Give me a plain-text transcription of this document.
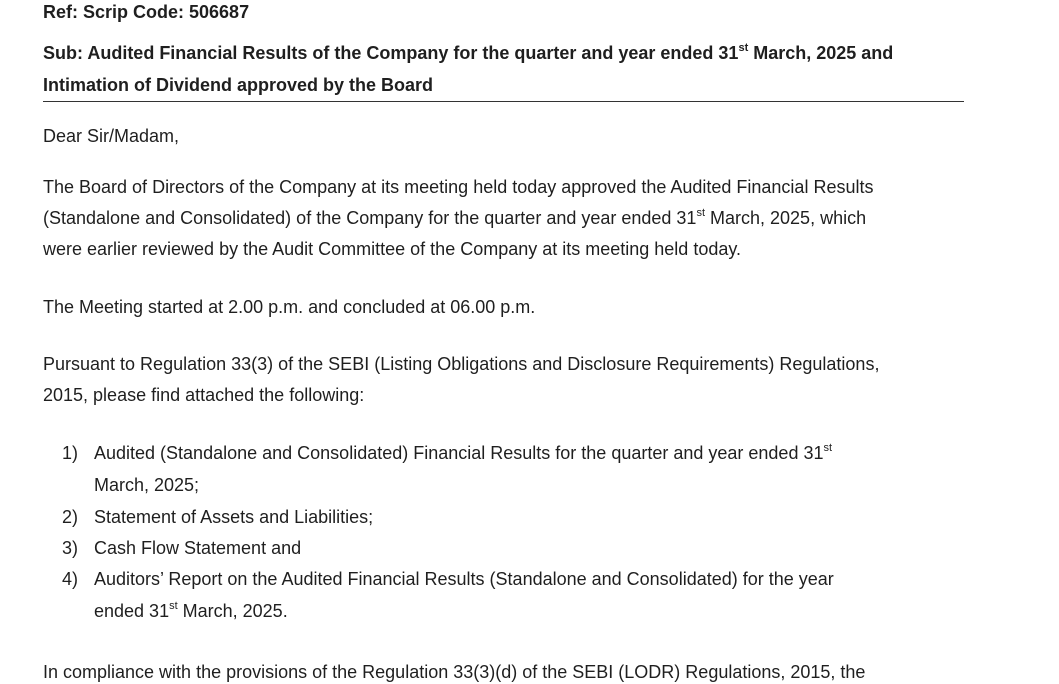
Ref: Scrip Code: 506687
Sub: Audited Financial Results of the Company for the quarter and year ended 31st March, 2025 and
Intimation of Dividend approved by the Board
Dear Sir/Madam,
The Board of Directors of the Company at its meeting held today approved the Audited Financial Results
(Standalone and Consolidated) of the Company for the quarter and year ended 31st March, 2025, which
were earlier reviewed by the Audit Committee of the Company at its meeting held today.
The Meeting started at 2.00 p.m. and concluded at 06.00 p.m.
Pursuant to Regulation 33(3) of the SEBI (Listing Obligations and Disclosure Requirements) Regulations,
2015, please find attached the following:
1) Audited (Standalone and Consolidated) Financial Results for the quarter and year ended 31st
March, 2025;
2) Statement of Assets and Liabilities;
3) Cash Flow Statement and
4) Auditors’ Report on the Audited Financial Results (Standalone and Consolidated) for the year
ended 31st March, 2025.
In compliance with the provisions of the Regulation 33(3)(d) of the SEBI (LODR) Regulations, 2015, the
